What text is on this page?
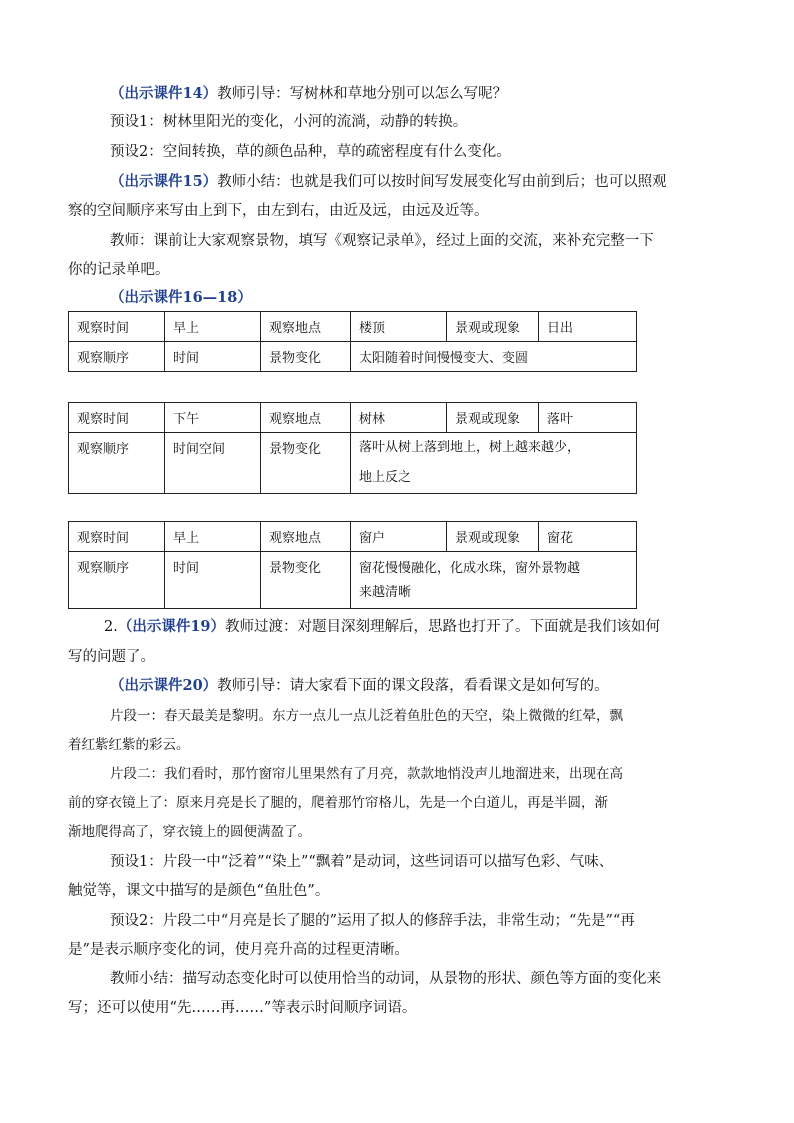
（出示课件14）教师引导：写树林和草地分别可以怎么写呢？
预设1：树林里阳光的变化，小河的流淌，动静的转换。
预设2：空间转换，草的颜色品种，草的疏密程度有什么变化。
（出示课件15）教师小结：也就是我们可以按时间写发展变化写由前到后；也可以照观
察的空间顺序来写由上到下，由左到右，由近及远，由远及近等。
教师：课前让大家观察景物，填写《观察记录单》，经过上面的交流，来补充完整一下
你的记录单吧。
（出示课件16—18）
观察时间	早上	观察地点	楼顶	景观或现象	日出
观察顺序	时间	景物变化	太阳随着时间慢慢变大、变圆		
观察时间	下午	观察地点	树林	景观或现象	落叶
观察顺序	时间空间	景物变化	落叶从树上落到地上，树上越来越少，
地上反之		
观察时间	早上	观察地点	窗户	景观或现象	窗花
观察顺序	时间	景物变化	窗花慢慢融化，化成水珠，窗外景物越
来越清晰		
2.（出示课件19）教师过渡：对题目深刻理解后，思路也打开了。下面就是我们该如何
写的问题了。
（出示课件20）教师引导：请大家看下面的课文段落，看看课文是如何写的。
片段一：春天最美是黎明。东方一点儿一点儿泛着鱼肚色的天空，染上微微的红晕，飘
着红紫红紫的彩云。
片段二：我们看时，那竹窗帘儿里果然有了月亮，款款地悄没声儿地溜进来，出现在高
前的穿衣镜上了：原来月亮是长了腿的，爬着那竹帘格儿，先是一个白道儿，再是半圆，渐
渐地爬得高了，穿衣镜上的圆便满盈了。
预设1：片段一中“泛着”“染上”“飘着”是动词，这些词语可以描写色彩、气味、
触觉等，课文中描写的是颜色“鱼肚色”。
预设2：片段二中“月亮是长了腿的”运用了拟人的修辞手法，非常生动；“先是”“再
是”是表示顺序变化的词，使月亮升高的过程更清晰。
教师小结：描写动态变化时可以使用恰当的动词，从景物的形状、颜色等方面的变化来
写；还可以使用“先……再……”等表示时间顺序词语。
